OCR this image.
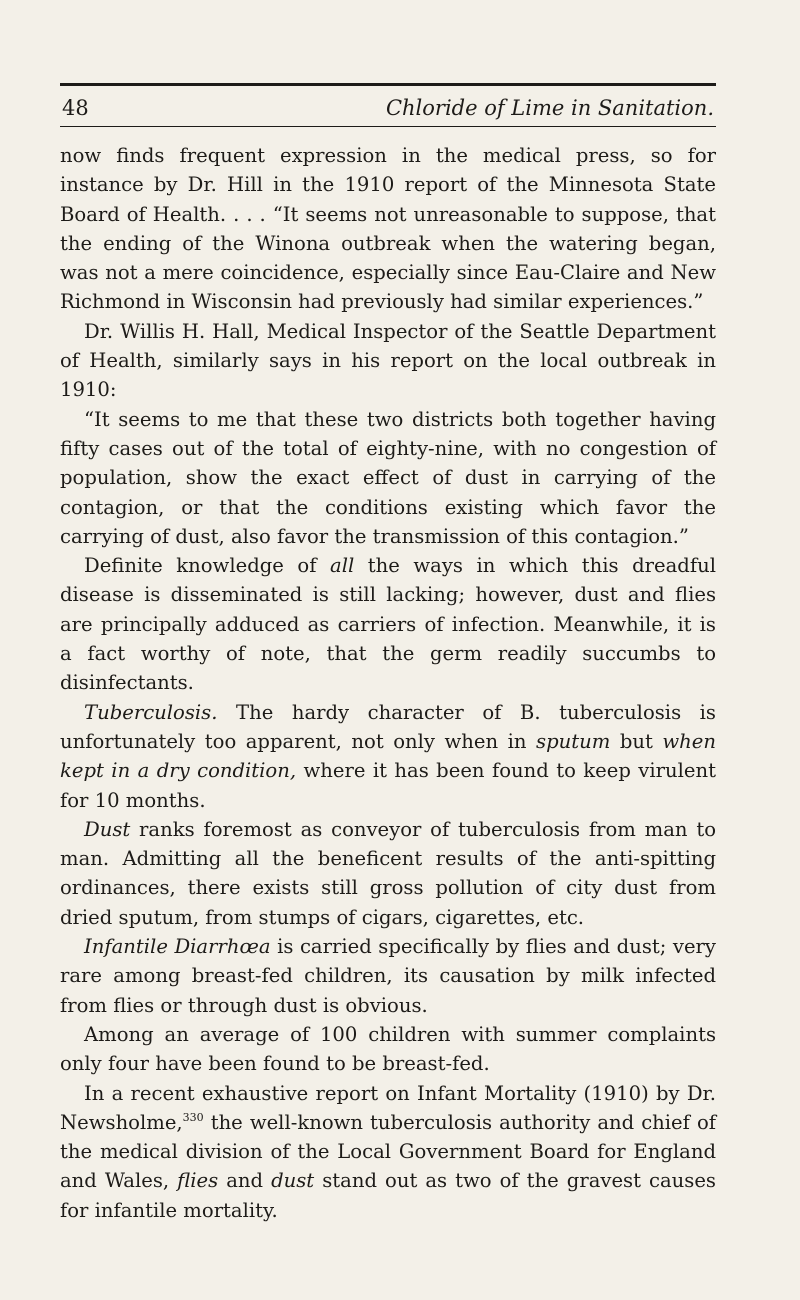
48	Chloride of Lime in Sanitation.

now finds frequent expression in the medical press, so for instance by Dr. Hill in the 1910 report of the Minnesota State Board of Health. . . . “It seems not unreasonable to suppose, that the ending of the Winona outbreak when the watering began, was not a mere coincidence, especially since Eau-Claire and New Richmond in Wisconsin had previously had similar experiences.”

Dr. Willis H. Hall, Medical Inspector of the Seattle Department of Health, similarly says in his report on the local outbreak in 1910:

“It seems to me that these two districts both together having fifty cases out of the total of eighty-nine, with no congestion of population, show the exact effect of dust in carrying of the contagion, or that the conditions existing which favor the carrying of dust, also favor the transmission of this contagion.”

Definite knowledge of all the ways in which this dreadful disease is disseminated is still lacking; however, dust and flies are principally adduced as carriers of infection. Meanwhile, it is a fact worthy of note, that the germ readily succumbs to disinfectants.

Tuberculosis. The hardy character of B. tuberculosis is unfortunately too apparent, not only when in sputum but when kept in a dry condition, where it has been found to keep virulent for 10 months.

Dust ranks foremost as conveyor of tuberculosis from man to man. Admitting all the beneficent results of the anti-spitting ordinances, there exists still gross pollution of city dust from dried sputum, from stumps of cigars, cigarettes, etc.

Infantile Diarrhœa is carried specifically by flies and dust; very rare among breast-fed children, its causation by milk infected from flies or through dust is obvious.

Among an average of 100 children with summer complaints only four have been found to be breast-fed.

In a recent exhaustive report on Infant Mortality (1910) by Dr. Newsholme,$^{330}$ the well-known tuberculosis authority and chief of the medical division of the Local Government Board for England and Wales, flies and dust stand out as two of the gravest causes for infantile mortality.
